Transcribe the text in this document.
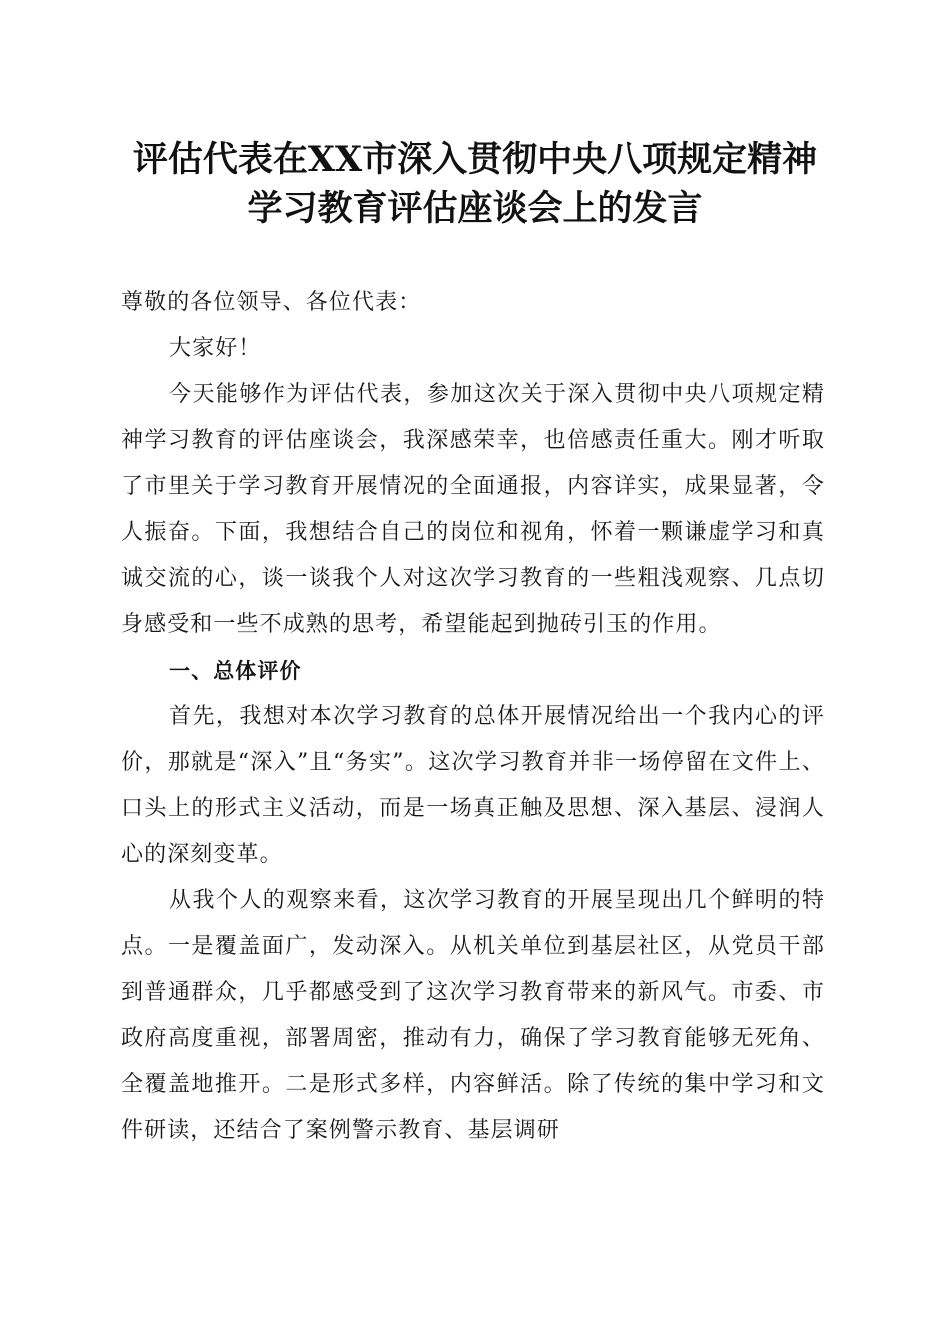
评估代表在XX市深入贯彻中央八项规定精神
学习教育评估座谈会上的发言

尊敬的各位领导、各位代表：

大家好！

今天能够作为评估代表，参加这次关于深入贯彻中央八项规定精神学习教育的评估座谈会，我深感荣幸，也倍感责任重大。刚才听取了市里关于学习教育开展情况的全面通报，内容详实，成果显著，令人振奋。下面，我想结合自己的岗位和视角，怀着一颗谦虚学习和真诚交流的心，谈一谈我个人对这次学习教育的一些粗浅观察、几点切身感受和一些不成熟的思考，希望能起到抛砖引玉的作用。

一、总体评价

首先，我想对本次学习教育的总体开展情况给出一个我内心的评价，那就是“深入”且“务实”。这次学习教育并非一场停留在文件上、口头上的形式主义活动，而是一场真正触及思想、深入基层、浸润人心的深刻变革。

从我个人的观察来看，这次学习教育的开展呈现出几个鲜明的特点。一是覆盖面广，发动深入。从机关单位到基层社区，从党员干部到普通群众，几乎都感受到了这次学习教育带来的新风气。市委、市政府高度重视，部署周密，推动有力，确保了学习教育能够无死角、全覆盖地推开。二是形式多样，内容鲜活。除了传统的集中学习和文件研读，还结合了案例警示教育、基层调研
